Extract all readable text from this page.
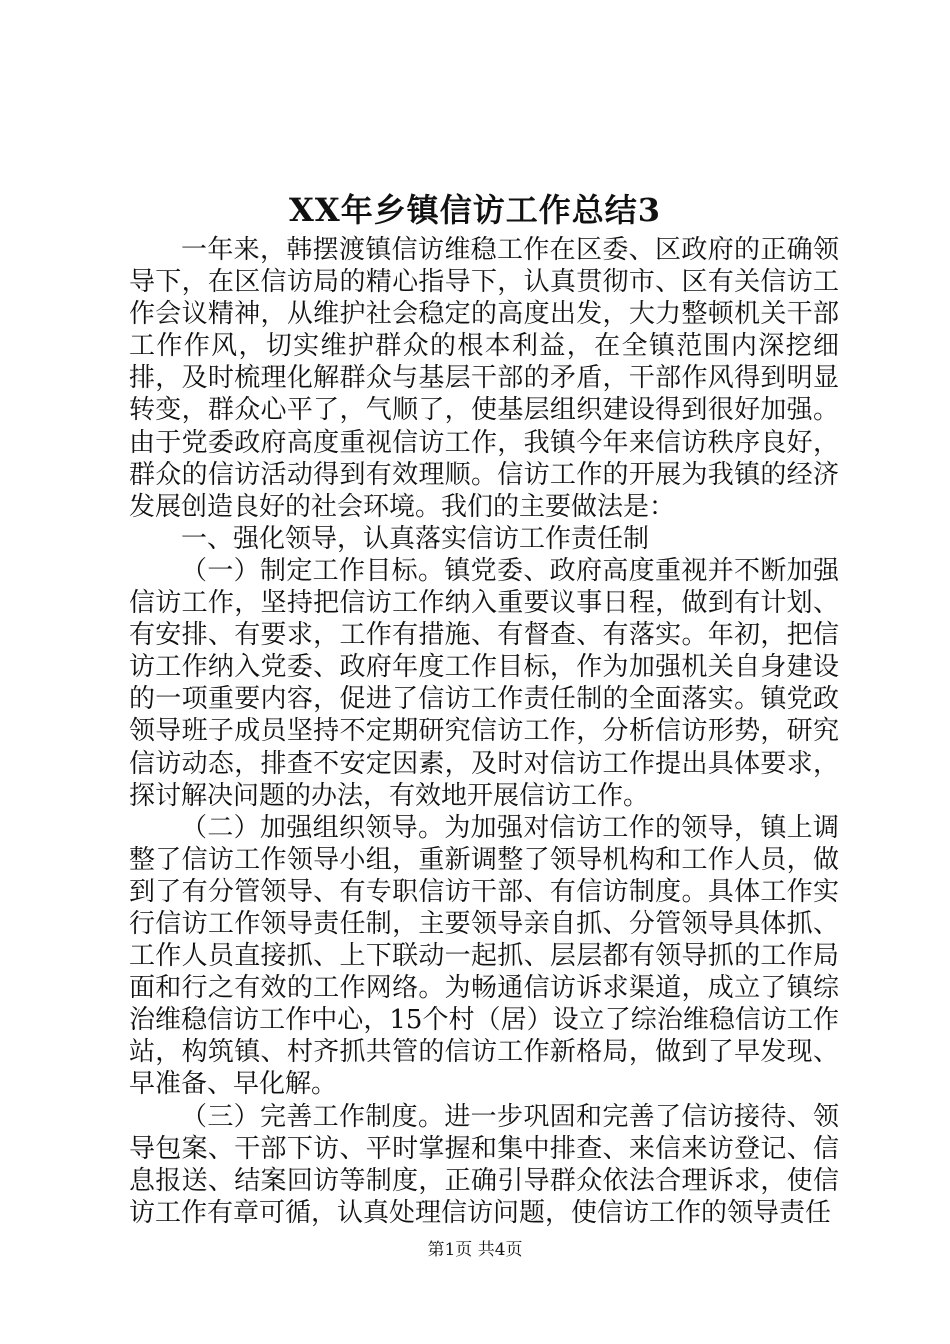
XX年乡镇信访工作总结3

一年来，韩摆渡镇信访维稳工作在区委、区政府的正确领导下，在区信访局的精心指导下，认真贯彻市、区有关信访工作会议精神，从维护社会稳定的高度出发，大力整顿机关干部工作作风，切实维护群众的根本利益，在全镇范围内深挖细排，及时梳理化解群众与基层干部的矛盾，干部作风得到明显转变，群众心平了，气顺了，使基层组织建设得到很好加强。由于党委政府高度重视信访工作，我镇今年来信访秩序良好，群众的信访活动得到有效理顺。信访工作的开展为我镇的经济发展创造良好的社会环境。我们的主要做法是：

一、强化领导，认真落实信访工作责任制

（一）制定工作目标。镇党委、政府高度重视并不断加强信访工作，坚持把信访工作纳入重要议事日程，做到有计划、有安排、有要求，工作有措施、有督查、有落实。年初，把信访工作纳入党委、政府年度工作目标，作为加强机关自身建设的一项重要内容，促进了信访工作责任制的全面落实。镇党政领导班子成员坚持不定期研究信访工作，分析信访形势，研究信访动态，排查不安定因素，及时对信访工作提出具体要求，探讨解决问题的办法，有效地开展信访工作。

（二）加强组织领导。为加强对信访工作的领导，镇上调整了信访工作领导小组，重新调整了领导机构和工作人员，做到了有分管领导、有专职信访干部、有信访制度。具体工作实行信访工作领导责任制，主要领导亲自抓、分管领导具体抓、工作人员直接抓、上下联动一起抓、层层都有领导抓的工作局面和行之有效的工作网络。为畅通信访诉求渠道，成立了镇综治维稳信访工作中心，15个村（居）设立了综治维稳信访工作站，构筑镇、村齐抓共管的信访工作新格局，做到了早发现、早准备、早化解。

（三）完善工作制度。进一步巩固和完善了信访接待、领导包案、干部下访、平时掌握和集中排查、来信来访登记、信息报送、结案回访等制度，正确引导群众依法合理诉求，使信访工作有章可循，认真处理信访问题，使信访工作的领导责任

第1页 共4页
